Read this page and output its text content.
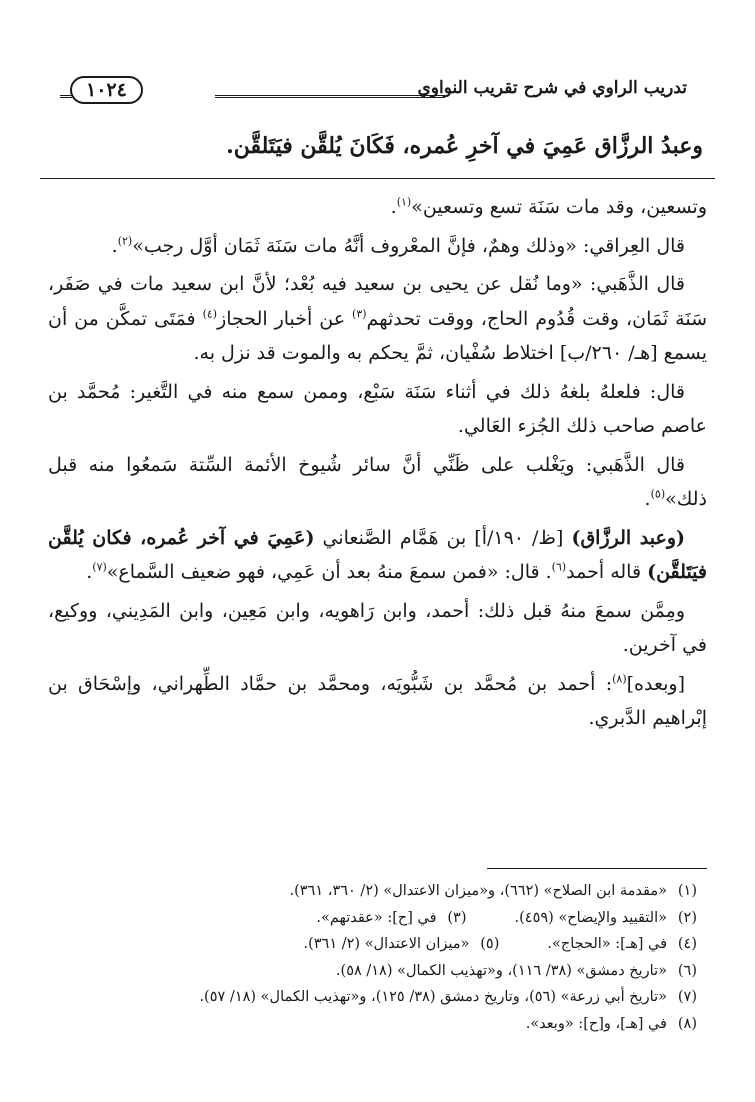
تدريب الراوي في شرح تقريب النواوي
١٠٢٤
وعبدُ الرزَّاق عَمِيَ في آخرِ عُمره، فَكَانَ يُلقَّن فيَتَلقَّن.

وتسعين، وقد مات سَنَة تسع وتسعين»$^{(١)}$.

قال العِراقي: «وذلك وهمٌ، فإنَّ المعْروف أنَّهُ مات سَنَة ثَمَان أوَّل رجب»$^{(٢)}$.

قال الذَّهَبي: «وما نُقل عن يحيى بن سعيد فيه بُعْد؛ لأنَّ ابن سعيد مات في صَفَر، سَنَة ثَمَان، وقت قُدُوم الحاج، ووقت تحدثهم$^{(٣)}$ عن أخبار الحجاز$^{(٤)}$ فمَتَى تمكَّن من أن يسمع [هـ/ ٢٦٠/ب] اختلاط سُفْيان، ثمَّ يحكم به والموت قد نزل به.

قال: فلعلهُ بلغهُ ذلك في أثناء سَنَة سَبْع، وممن سمع منه في التَّغير: مُحمَّد بن عاصم صاحب ذلك الجُزء العَالي.

قال الذَّهَبي: ويَغْلب على ظَنِّي أنَّ سائر شُيوخ الأئمة السِّتة سَمعُوا منه قبل ذلك»$^{(٥)}$.

(وعبد الرزَّاق) [ظ/ ١٩٠/أ] بن هَمَّام الصَّنعاني (عَمِيَ في آخر عُمره، فكان يُلقَّن فيَتَلقَّن) قاله أحمد$^{(٦)}$. قال: «فمن سمعَ منهُ بعد أن عَمِي، فهو ضعيف السَّماع»$^{(٧)}$.

ومِمَّن سمعَ منهُ قبل ذلك: أحمد، وابن رَاهويه، وابن مَعِين، وابن المَدِيني، ووكيع، في آخرين.

[وبعده]$^{(٨)}$: أحمد بن مُحمَّد بن شَبُّويَه، ومحمَّد بن حمَّاد الطِّهراني، وإسْحَاق بن إبْراهيم الدَّبري.

(١)«مقدمة ابن الصلاح» (٦٦٢)، و«ميزان الاعتدال» (٢/ ٣٦٠، ٣٦١).
(٢)«التقييد والإيضاح» (٤٥٩).(٣)في [ح]: «عقدتهم».
(٤)في [هـ]: «الحجاج».(٥)«ميزان الاعتدال» (٢/ ٣٦١).
(٦)«تاريخ دمشق» (٣٨/ ١١٦)، و«تهذيب الكمال» (١٨/ ٥٨).
(٧)«تاريخ أبي زرعة» (٥٦)، وتاريخ دمشق (٣٨/ ١٢٥)، و«تهذيب الكمال» (١٨/ ٥٧).
(٨)في [هـ]، و[ح]: «وبعد».
